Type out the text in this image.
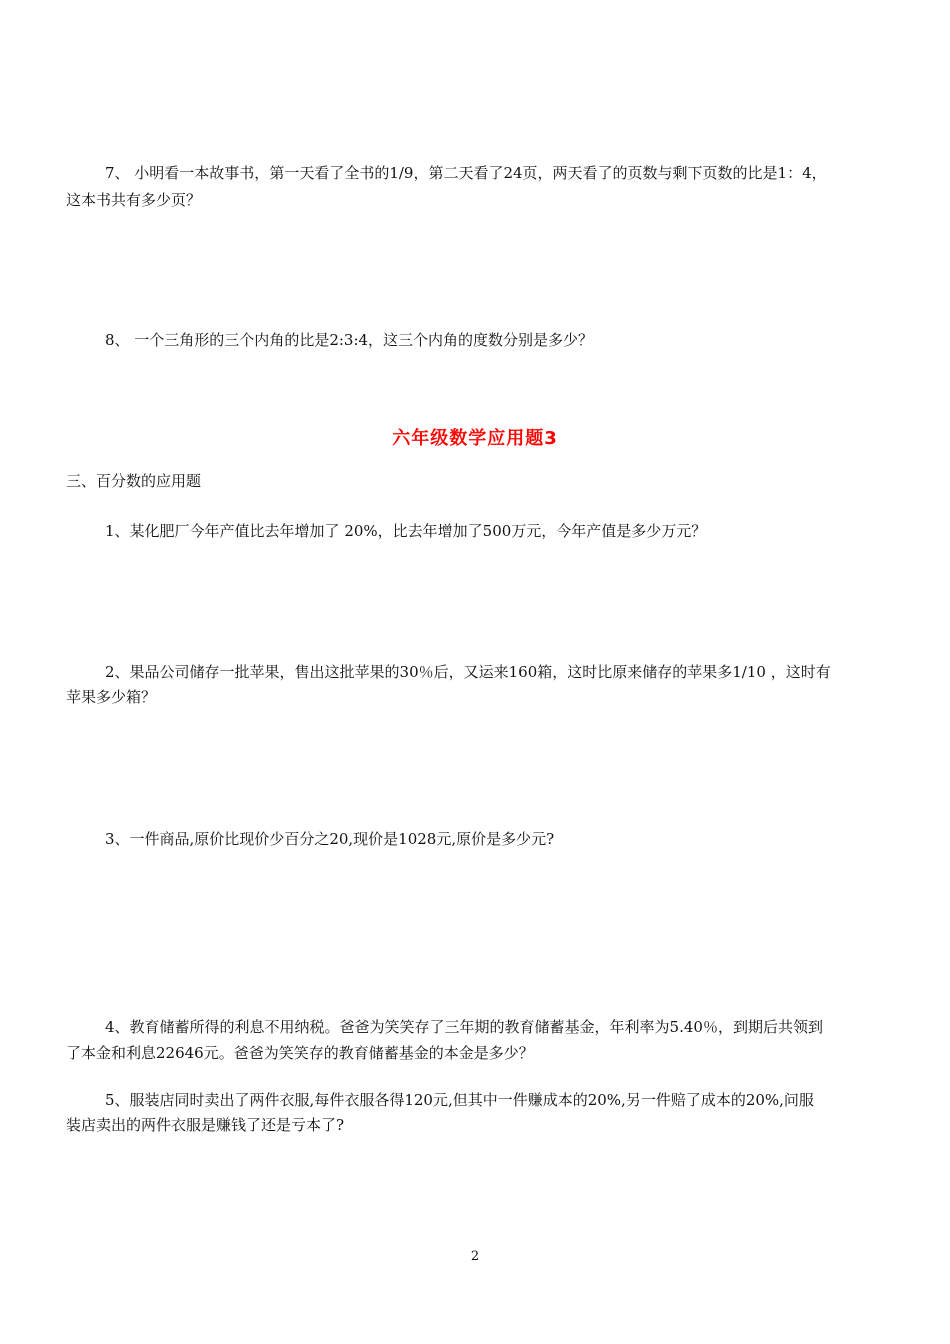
7、 小明看一本故事书，第一天看了全书的1/9，第二天看了24页，两天看了的页数与剩下页数的比是1：4，
这本书共有多少页？
8、 一个三角形的三个内角的比是2:3:4，这三个内角的度数分别是多少？
六年级数学应用题3
三、百分数的应用题
1、某化肥厂今年产值比去年增加了 20%，比去年增加了500万元，今年产值是多少万元？
2、果品公司储存一批苹果，售出这批苹果的30％后，又运来160箱，这时比原来储存的苹果多1/10 ，这时有
苹果多少箱？
3、一件商品,原价比现价少百分之20,现价是1028元,原价是多少元?
4、教育储蓄所得的利息不用纳税。爸爸为笑笑存了三年期的教育储蓄基金，年利率为5.40％，到期后共领到
了本金和利息22646元。爸爸为笑笑存的教育储蓄基金的本金是多少？
5、服装店同时卖出了两件衣服,每件衣服各得120元,但其中一件赚成本的20%,另一件赔了成本的20%,问服
装店卖出的两件衣服是赚钱了还是亏本了?
2
